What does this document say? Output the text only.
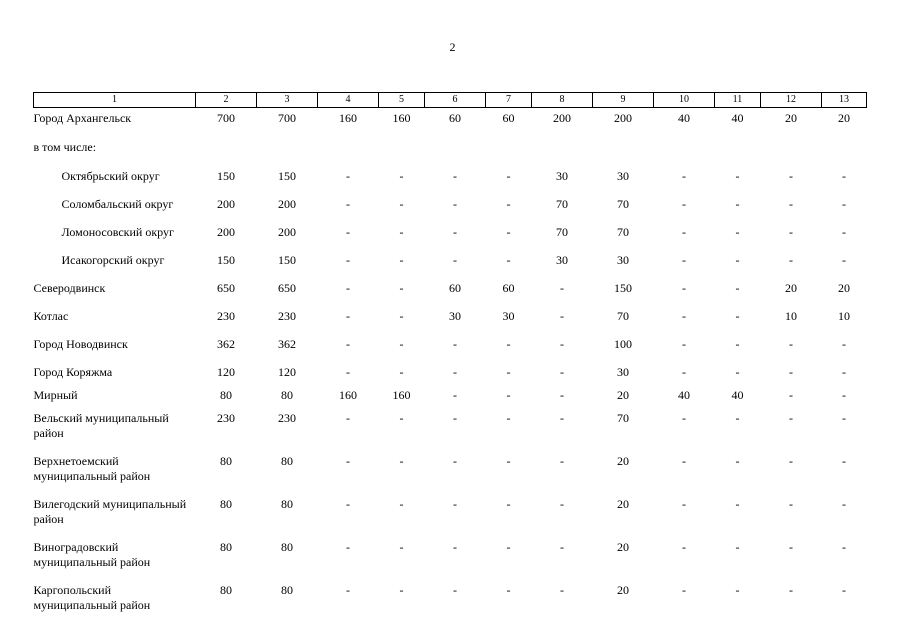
2
1	2	3	4	5	6	7	8	9	10	11	12	13
Город Архангельск	700	700	160	160	60	60	200	200	40	40	20	20
в том числе:												
Октябрьский округ	150	150	-	-	-	-	30	30	-	-	-	-
Соломбальский округ	200	200	-	-	-	-	70	70	-	-	-	-
Ломоносовский округ	200	200	-	-	-	-	70	70	-	-	-	-
Исакогорский округ	150	150	-	-	-	-	30	30	-	-	-	-
Северодвинск	650	650	-	-	60	60	-	150	-	-	20	20
Котлас	230	230	-	-	30	30	-	70	-	-	10	10
Город Новодвинск	362	362	-	-	-	-	-	100	-	-	-	-
Город Коряжма	120	120	-	-	-	-	-	30	-	-	-	-
Мирный	80	80	160	160	-	-	-	20	40	40	-	-
Вельский муниципальный район	230	230	-	-	-	-	-	70	-	-	-	-
Верхнетоемский муниципальный район	80	80	-	-	-	-	-	20	-	-	-	-
Вилегодский муниципальный район	80	80	-	-	-	-	-	20	-	-	-	-
Виноградовский муниципальный район	80	80	-	-	-	-	-	20	-	-	-	-
Каргопольский муниципальный район	80	80	-	-	-	-	-	20	-	-	-	-
